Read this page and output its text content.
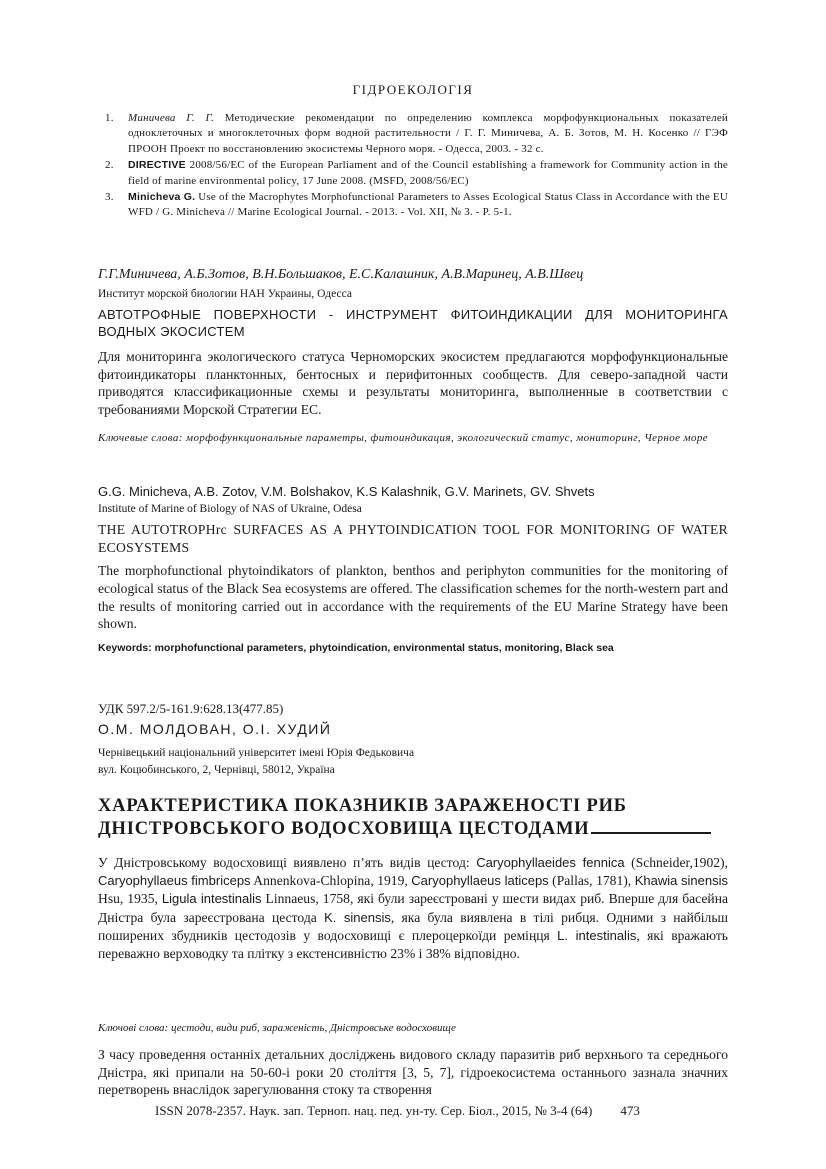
ГІДРОЕКОЛОГІЯ
1. Миничева Г. Г. Методические рекомендации по определению комплекса морфофункциональных показателей одноклеточных и многоклеточных форм водной растительности / Г. Г. Миничева, А. Б. Зотов, М. Н. Косенко // ГЭФ ПРООН Проект по восстановлению экосистемы Черного моря. - Одесса, 2003. - 32 с.
2. DIRECTIVE 2008/56/EC of the European Parliament and of the Council establishing a framework for Community action in the field of marine environmental policy, 17 June 2008. (MSFD, 2008/56/EC)
3. Minicheva G. Use of the Macrophytes Morphofunctional Parameters to Asses Ecological Status Class in Accordance with the EU WFD / G. Minicheva // Marine Ecological Journal. - 2013. - Vol. XII, № 3. - P. 5-1.
Г.Г.Миничева, А.Б.Зотов, В.Н.Большаков, Е.С.Калашник, А.В.Маринец, А.В.Швец
Институт морской биологии НАН Украины, Одесса
АВТОТРОФНЫЕ ПОВЕРХНОСТИ - ИНСТРУМЕНТ ФИТОИНДИКАЦИИ ДЛЯ МОНИТОРИНГА ВОДНЫХ ЭКОСИСТЕМ
Для мониторинга экологического статуса Черноморских экосистем предлагаются морфофункциональные фитоиндикаторы планктонных, бентосных и перифитонных сообществ. Для северо-западной части приводятся классификационные схемы и результаты мониторинга, выполненные в соответствии с требованиями Морской Стратегии ЕС.
Ключевые слова: морфофункциональные параметры, фитоиндикация, экологический статус, мониторинг, Черное море
G.G. Minicheva, A.B. Zotov, V.M. Bolshakov, K.S Kalashnik, G.V. Marinets, GV. Shvets
Institute of Marine of Biology of NAS of Ukraine, Odesa
THE AUTOTROPHrc SURFACES AS A PHYTOINDICATION TOOL FOR MONITORING OF WATER ECOSYSTEMS
The morphofunctional phytoindikators of plankton, benthos and periphyton communities for the monitoring of ecological status of the Black Sea ecosystems are offered. The classification schemes for the north-western part and the results of monitoring carried out in accordance with the requirements of the EU Marine Strategy have been shown.
Keywords: morphofunctional parameters, phytoindication, environmental status, monitoring, Black sea
УДК 597.2/5-161.9:628.13(477.85)
О.М. МОЛДОВАН, О.І. ХУДИЙ
Чернівецький національний університет імені Юрія Федьковича
вул. Коцюбинського, 2, Чернівці, 58012, Україна
ХАРАКТЕРИСТИКА ПОКАЗНИКІВ ЗАРАЖЕНОСТІ РИБ ДНІСТРОВСЬКОГО ВОДОСХОВИЩА ЦЕСТОДАМИ
У Дністровському водосховищі виявлено п’ять видів цестод: Caryophyllaeides fennica (Schneider,1902), Caryophyllaeus fimbriceps Annenkova-Chlopina, 1919, Caryophyllaeus laticeps (Pallas, 1781), Khawia sinensis Hsu, 1935, Ligula intestinalis Linnaeus, 1758, які були зареєстровані у шести видах риб. Вперше для басейна Дністра була зареєстрована цестода K. sinensis, яка була виявлена в тілі рибця. Одними з найбільш поширених збудників цестодозів у водосховищі є плероцеркоїди реміңця L. intestinalis, які вражають переважно верховодку та плітку з екстенсивністю 23% і 38% відповідно.
Ключові слова: цестоди, види риб, зараженість, Дністровське водосховище
З часу проведення останніх детальних досліджень видового складу паразитів риб верхнього та середнього Дністра, які припали на 50-60-і роки 20 століття [3, 5, 7], гідроекосистема останнього зазнала значних перетворень внаслідок зарегулювання стоку та створення
ISSN 2078-2357. Наук. зап. Терноп. нац. пед. ун-ту. Сер. Біол., 2015, № 3-4 (64) 473
